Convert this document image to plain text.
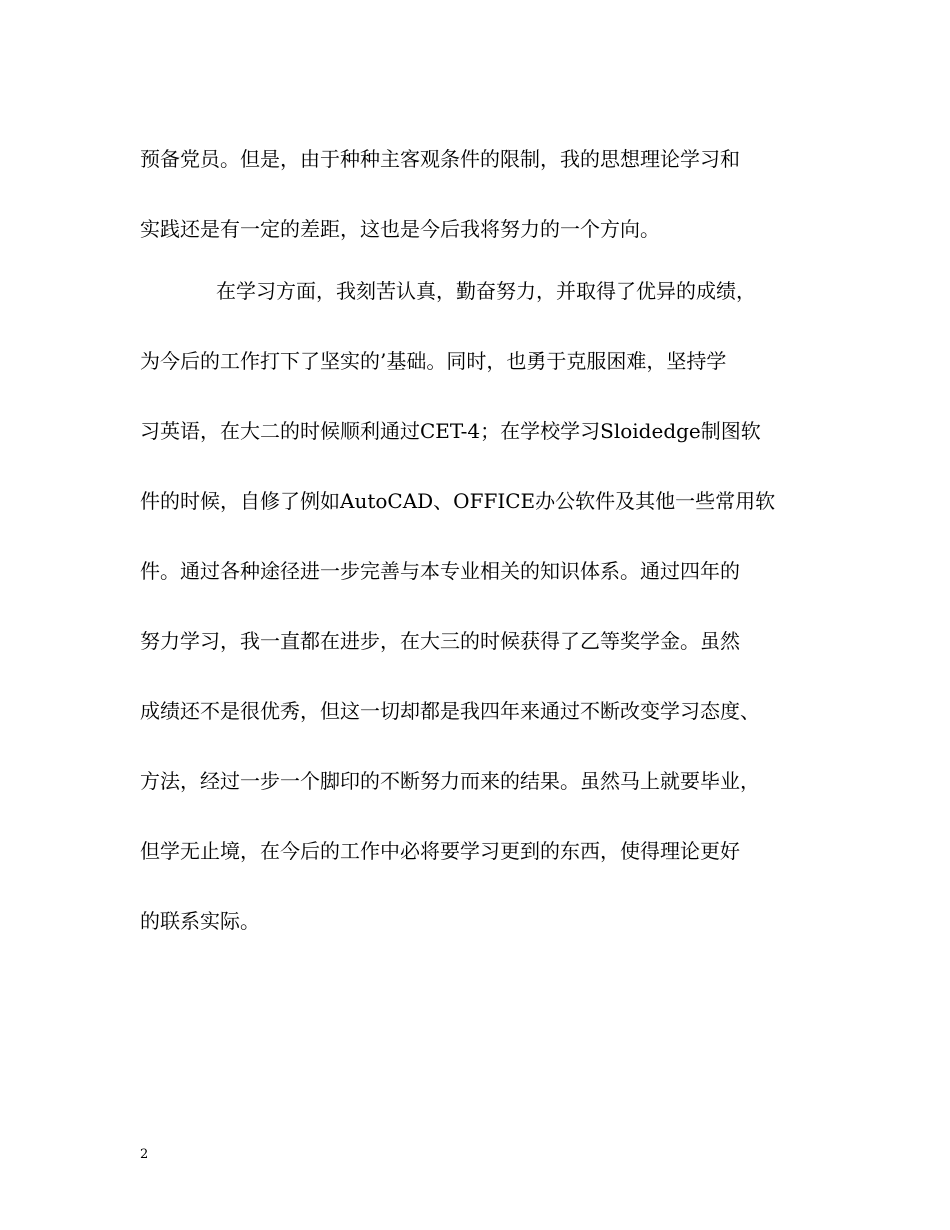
预备党员。但是，由于种种主客观条件的限制，我的思想理论学习和
实践还是有一定的差距，这也是今后我将努力的一个方向。
在学习方面，我刻苦认真，勤奋努力，并取得了优异的成绩，
为今后的工作打下了坚实的’基础。同时，也勇于克服困难，坚持学
习英语，在大二的时候顺利通过CET-4；在学校学习Sloidedge制图软
件的时候，自修了例如AutoCAD、OFFICE办公软件及其他一些常用软
件。通过各种途径进一步完善与本专业相关的知识体系。通过四年的
努力学习，我一直都在进步，在大三的时候获得了乙等奖学金。虽然
成绩还不是很优秀，但这一切却都是我四年来通过不断改变学习态度、
方法，经过一步一个脚印的不断努力而来的结果。虽然马上就要毕业，
但学无止境，在今后的工作中必将要学习更到的东西，使得理论更好
的联系实际。
2
